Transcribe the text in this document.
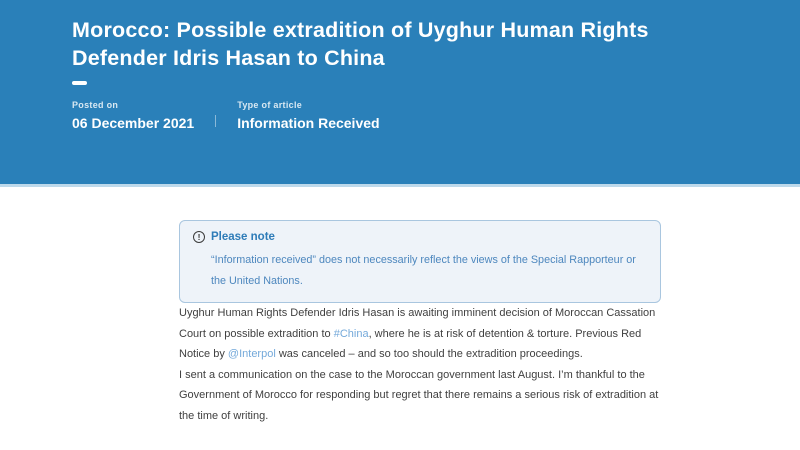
Morocco: Possible extradition of Uyghur Human Rights Defender Idris Hasan to China
Posted on
06 December 2021
Type of article
Information Received
! Please note
“Information received” does not necessarily reflect the views of the Special Rapporteur or the United Nations.

Uyghur Human Rights Defender Idris Hasan is awaiting imminent decision of Moroccan Cassation Court on possible extradition to #China, where he is at risk of detention & torture. Previous Red Notice by @Interpol was canceled – and so too should the extradition proceedings.

I sent a communication on the case to the Moroccan government last August. I’m thankful to the Government of Morocco for responding but regret that there remains a serious risk of extradition at the time of writing.
